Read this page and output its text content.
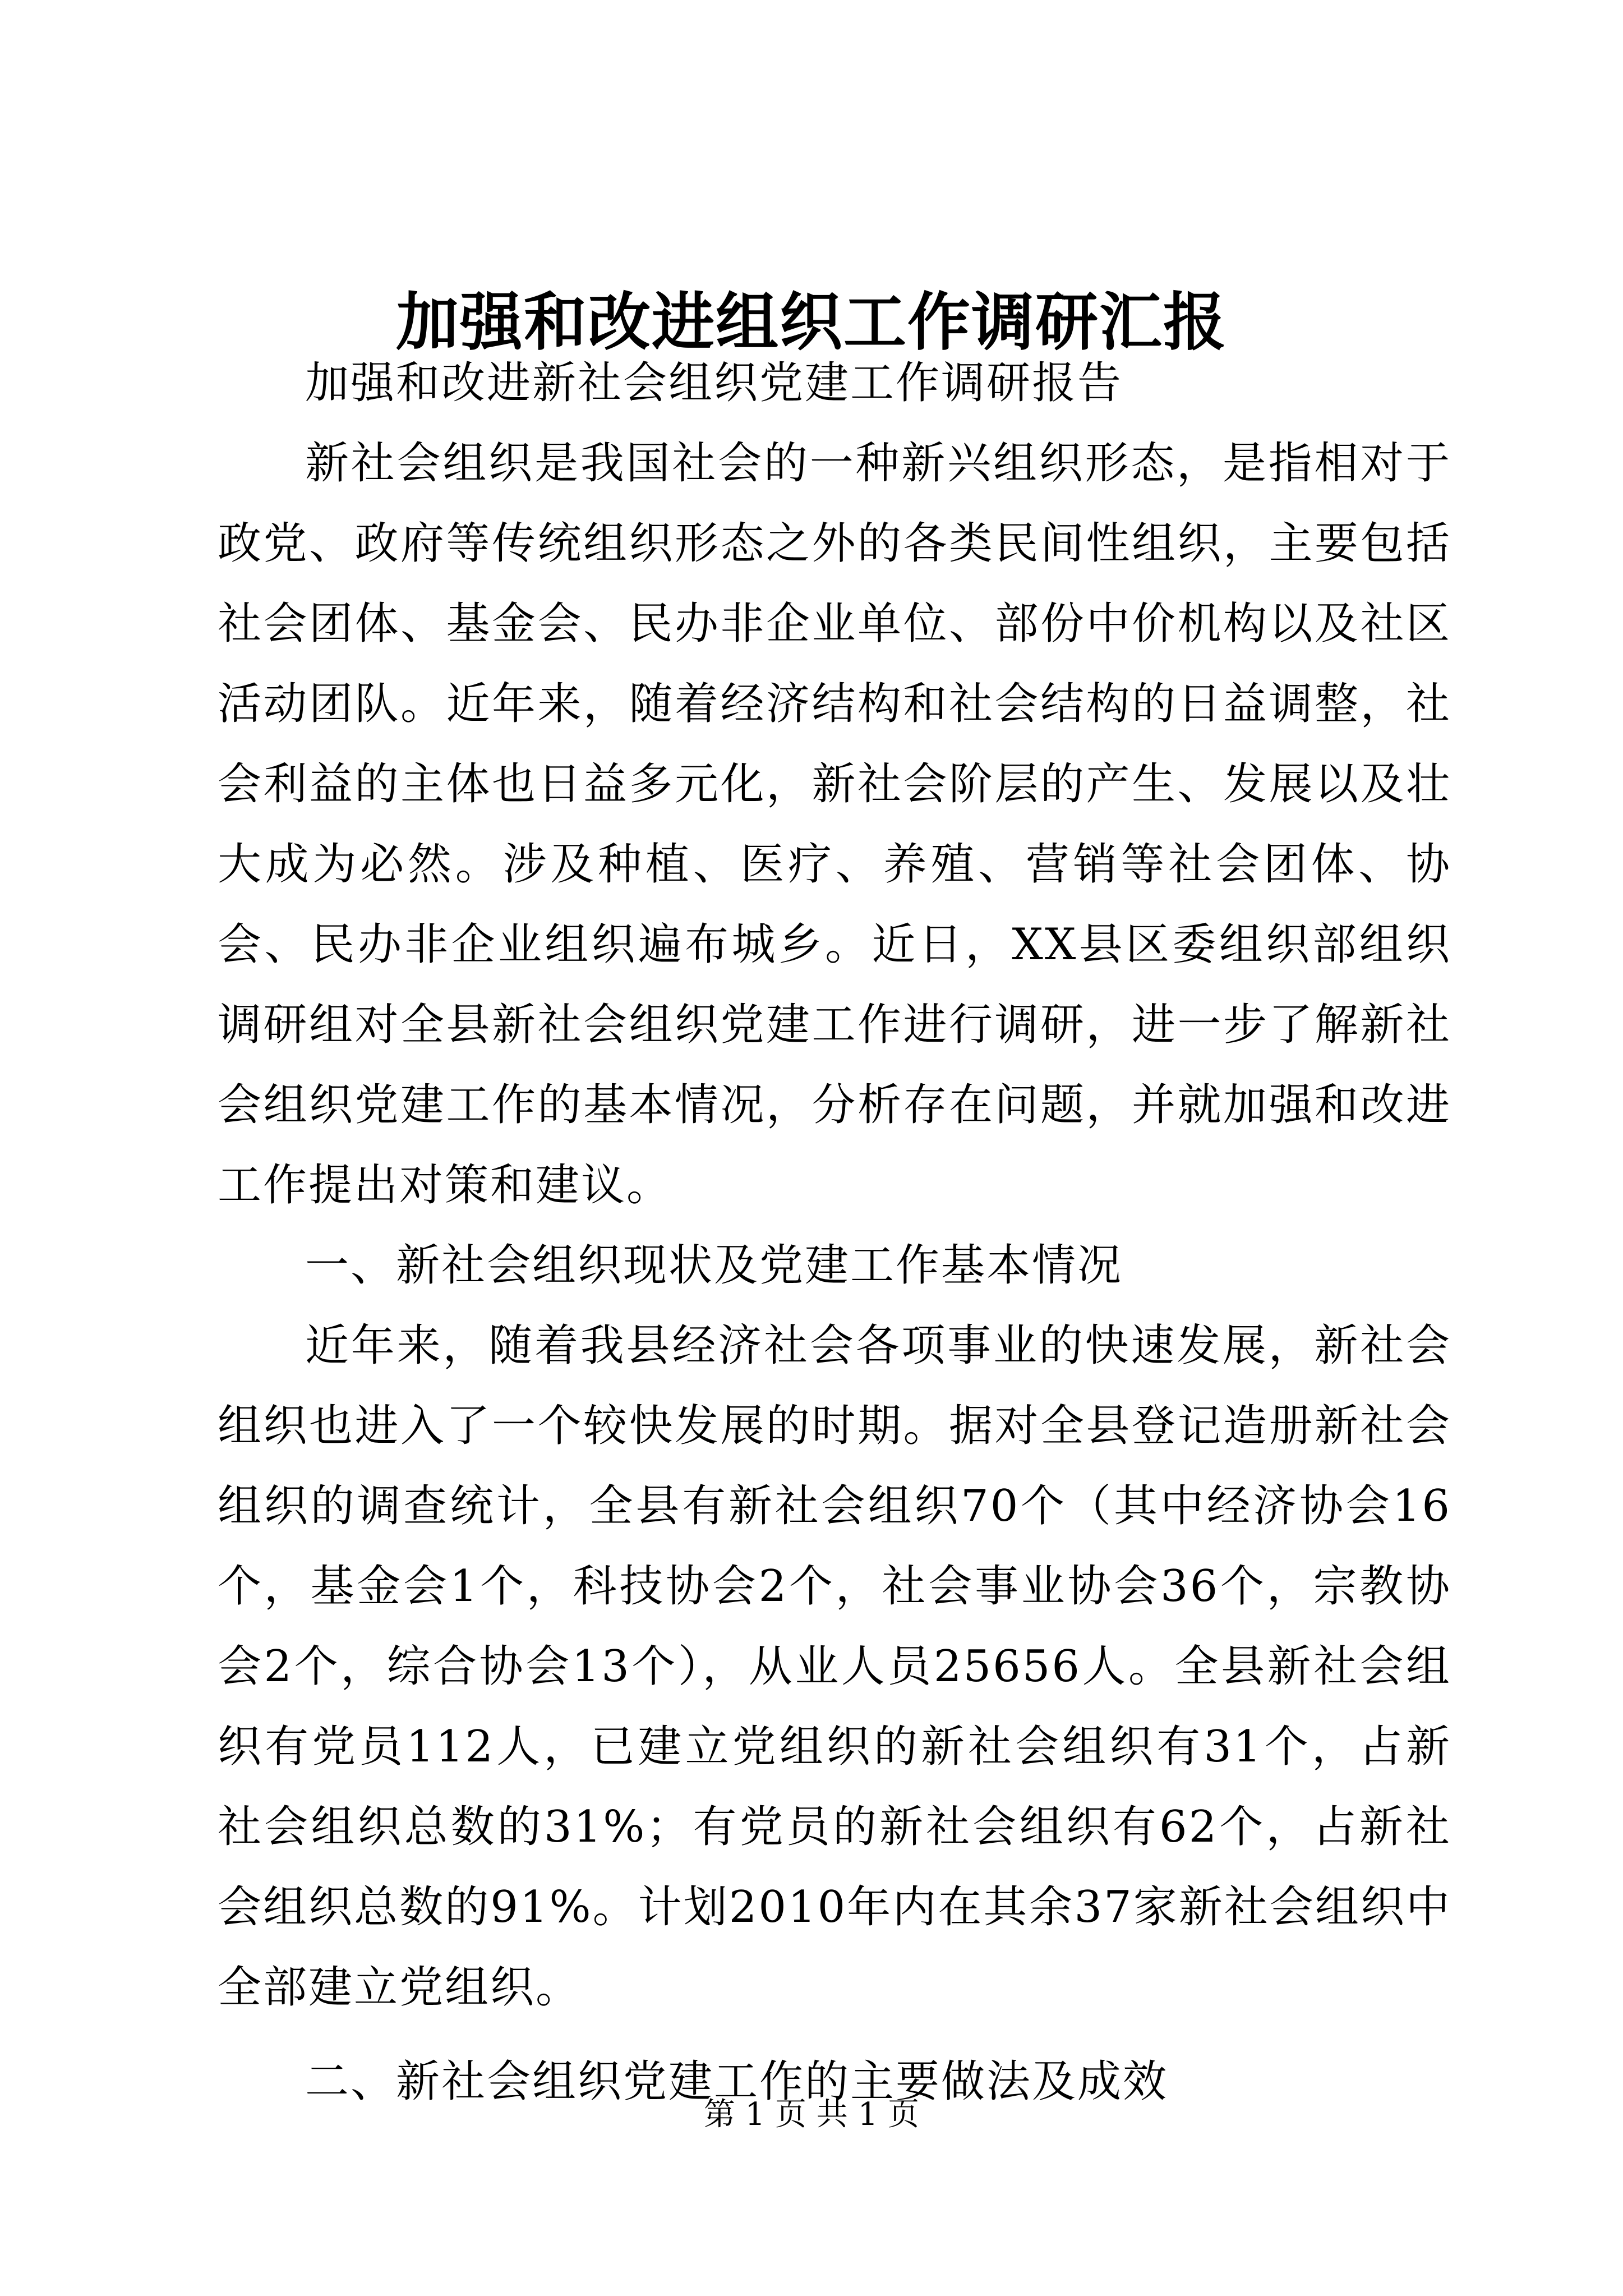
加强和改进组织工作调研汇报

加强和改进新社会组织党建工作调研报告

新社会组织是我国社会的一种新兴组织形态，是指相对于政党、政府等传统组织形态之外的各类民间性组织，主要包括社会团体、基金会、民办非企业单位、部份中价机构以及社区活动团队。近年来，随着经济结构和社会结构的日益调整，社会利益的主体也日益多元化，新社会阶层的产生、发展以及壮大成为必然。涉及种植、医疗、养殖、营销等社会团体、协会、民办非企业组织遍布城乡。近日，XX县区委组织部组织调研组对全县新社会组织党建工作进行调研，进一步了解新社会组织党建工作的基本情况，分析存在问题，并就加强和改进工作提出对策和建议。

一、新社会组织现状及党建工作基本情况

近年来，随着我县经济社会各项事业的快速发展，新社会组织也进入了一个较快发展的时期。据对全县登记造册新社会组织的调查统计，全县有新社会组织70个（其中经济协会16个，基金会1个，科技协会2个，社会事业协会36个，宗教协会2个，综合协会13个），从业人员25656人。全县新社会组织有党员112人，已建立党组织的新社会组织有31个，占新社会组织总数的31%；有党员的新社会组织有62个，占新社会组织总数的91%。计划2010年内在其余37家新社会组织中全部建立党组织。

二、新社会组织党建工作的主要做法及成效

第 1 页 共 1 页
